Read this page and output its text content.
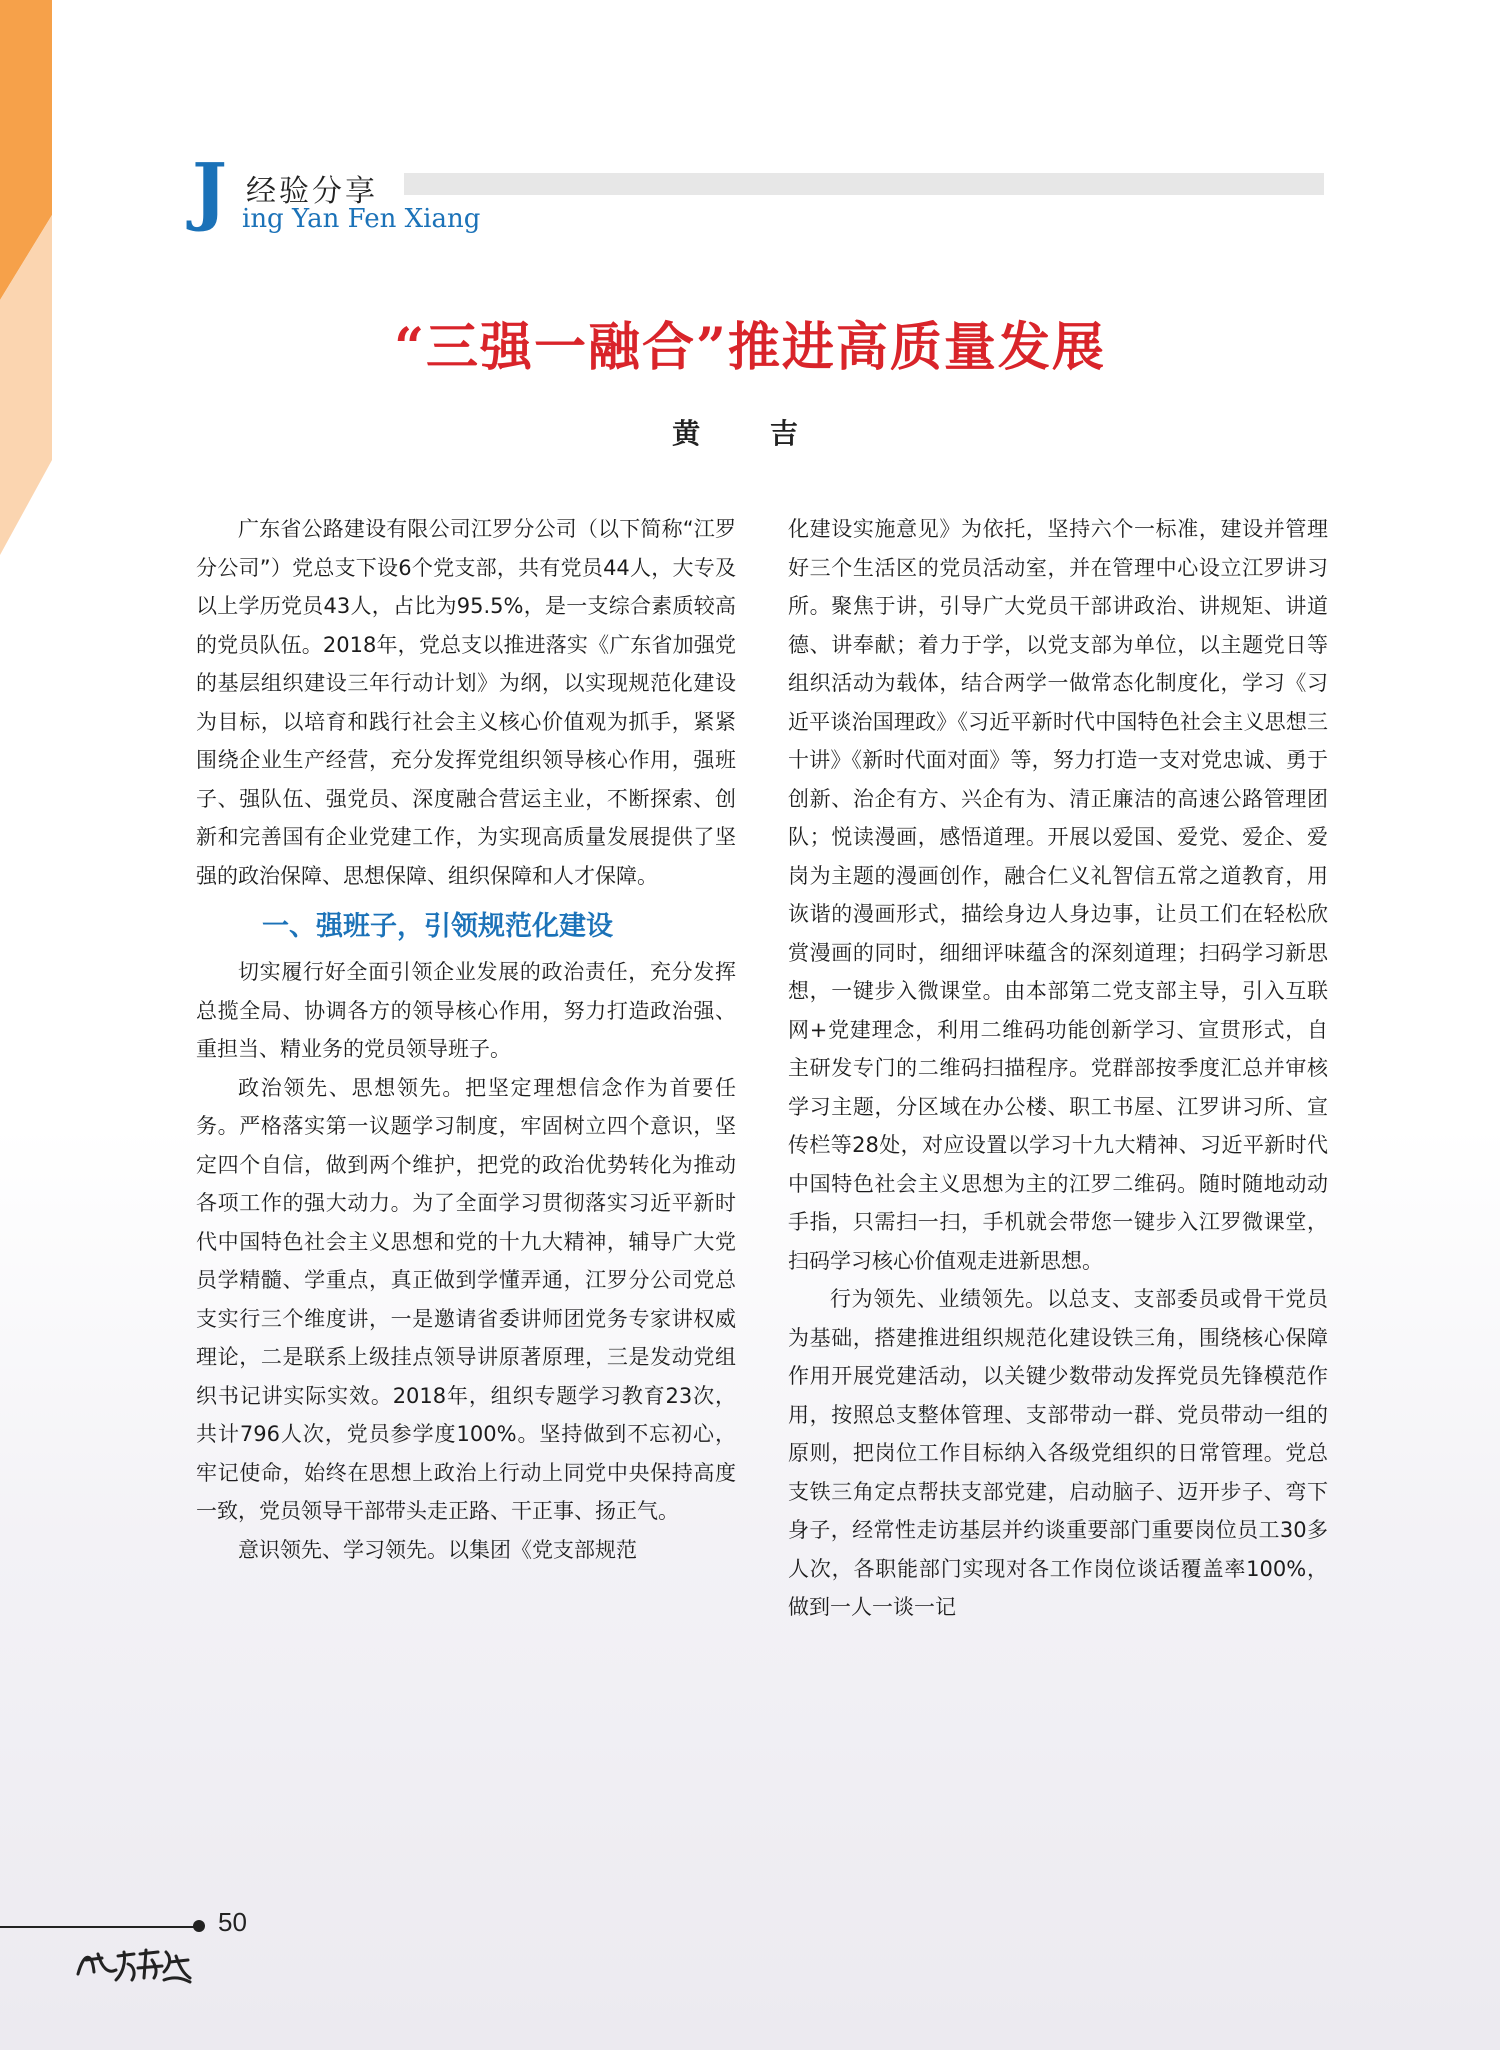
J 经验分享
ing Yan Fen Xiang
“三强一融合”推进高质量发展
黄 吉

广东省公路建设有限公司江罗分公司（以下简称“江罗分公司”）党总支下设6个党支部，共有党员44人，大专及以上学历党员43人，占比为95.5%，是一支综合素质较高的党员队伍。2018年，党总支以推进落实《广东省加强党的基层组织建设三年行动计划》为纲，以实现规范化建设为目标，以培育和践行社会主义核心价值观为抓手，紧紧围绕企业生产经营，充分发挥党组织领导核心作用，强班子、强队伍、强党员、深度融合营运主业，不断探索、创新和完善国有企业党建工作，为实现高质量发展提供了坚强的政治保障、思想保障、组织保障和人才保障。

一、强班子，引领规范化建设

切实履行好全面引领企业发展的政治责任，充分发挥总揽全局、协调各方的领导核心作用，努力打造政治强、重担当、精业务的党员领导班子。

政治领先、思想领先。把坚定理想信念作为首要任务。严格落实第一议题学习制度，牢固树立四个意识，坚定四个自信，做到两个维护，把党的政治优势转化为推动各项工作的强大动力。为了全面学习贯彻落实习近平新时代中国特色社会主义思想和党的十九大精神，辅导广大党员学精髓、学重点，真正做到学懂弄通，江罗分公司党总支实行三个维度讲，一是邀请省委讲师团党务专家讲权威理论，二是联系上级挂点领导讲原著原理，三是发动党组织书记讲实际实效。2018年，组织专题学习教育23次，共计796人次，党员参学度100%。坚持做到不忘初心，牢记使命，始终在思想上政治上行动上同党中央保持高度一致，党员领导干部带头走正路、干正事、扬正气。

意识领先、学习领先。以集团《党支部规范

化建设实施意见》为依托，坚持六个一标准，建设并管理好三个生活区的党员活动室，并在管理中心设立江罗讲习所。聚焦于讲，引导广大党员干部讲政治、讲规矩、讲道德、讲奉献；着力于学，以党支部为单位，以主题党日等组织活动为载体，结合两学一做常态化制度化，学习《习近平谈治国理政》《习近平新时代中国特色社会主义思想三十讲》《新时代面对面》等，努力打造一支对党忠诚、勇于创新、治企有方、兴企有为、清正廉洁的高速公路管理团队；悦读漫画，感悟道理。开展以爱国、爱党、爱企、爱岗为主题的漫画创作，融合仁义礼智信五常之道教育，用诙谐的漫画形式，描绘身边人身边事，让员工们在轻松欣赏漫画的同时，细细评味蕴含的深刻道理；扫码学习新思想，一键步入微课堂。由本部第二党支部主导，引入互联网+党建理念，利用二维码功能创新学习、宣贯形式，自主研发专门的二维码扫描程序。党群部按季度汇总并审核学习主题，分区域在办公楼、职工书屋、江罗讲习所、宣传栏等28处，对应设置以学习十九大精神、习近平新时代中国特色社会主义思想为主的江罗二维码。随时随地动动手指，只需扫一扫，手机就会带您一键步入江罗微课堂，扫码学习核心价值观走进新思想。

行为领先、业绩领先。以总支、支部委员或骨干党员为基础，搭建推进组织规范化建设铁三角，围绕核心保障作用开展党建活动，以关键少数带动发挥党员先锋模范作用，按照总支整体管理、支部带动一群、党员带动一组的原则，把岗位工作目标纳入各级党组织的日常管理。党总支铁三角定点帮扶支部党建，启动脑子、迈开步子、弯下身子，经常性走访基层并约谈重要部门重要岗位员工30多人次，各职能部门实现对各工作岗位谈话覆盖率100%，做到一人一谈一记

50
